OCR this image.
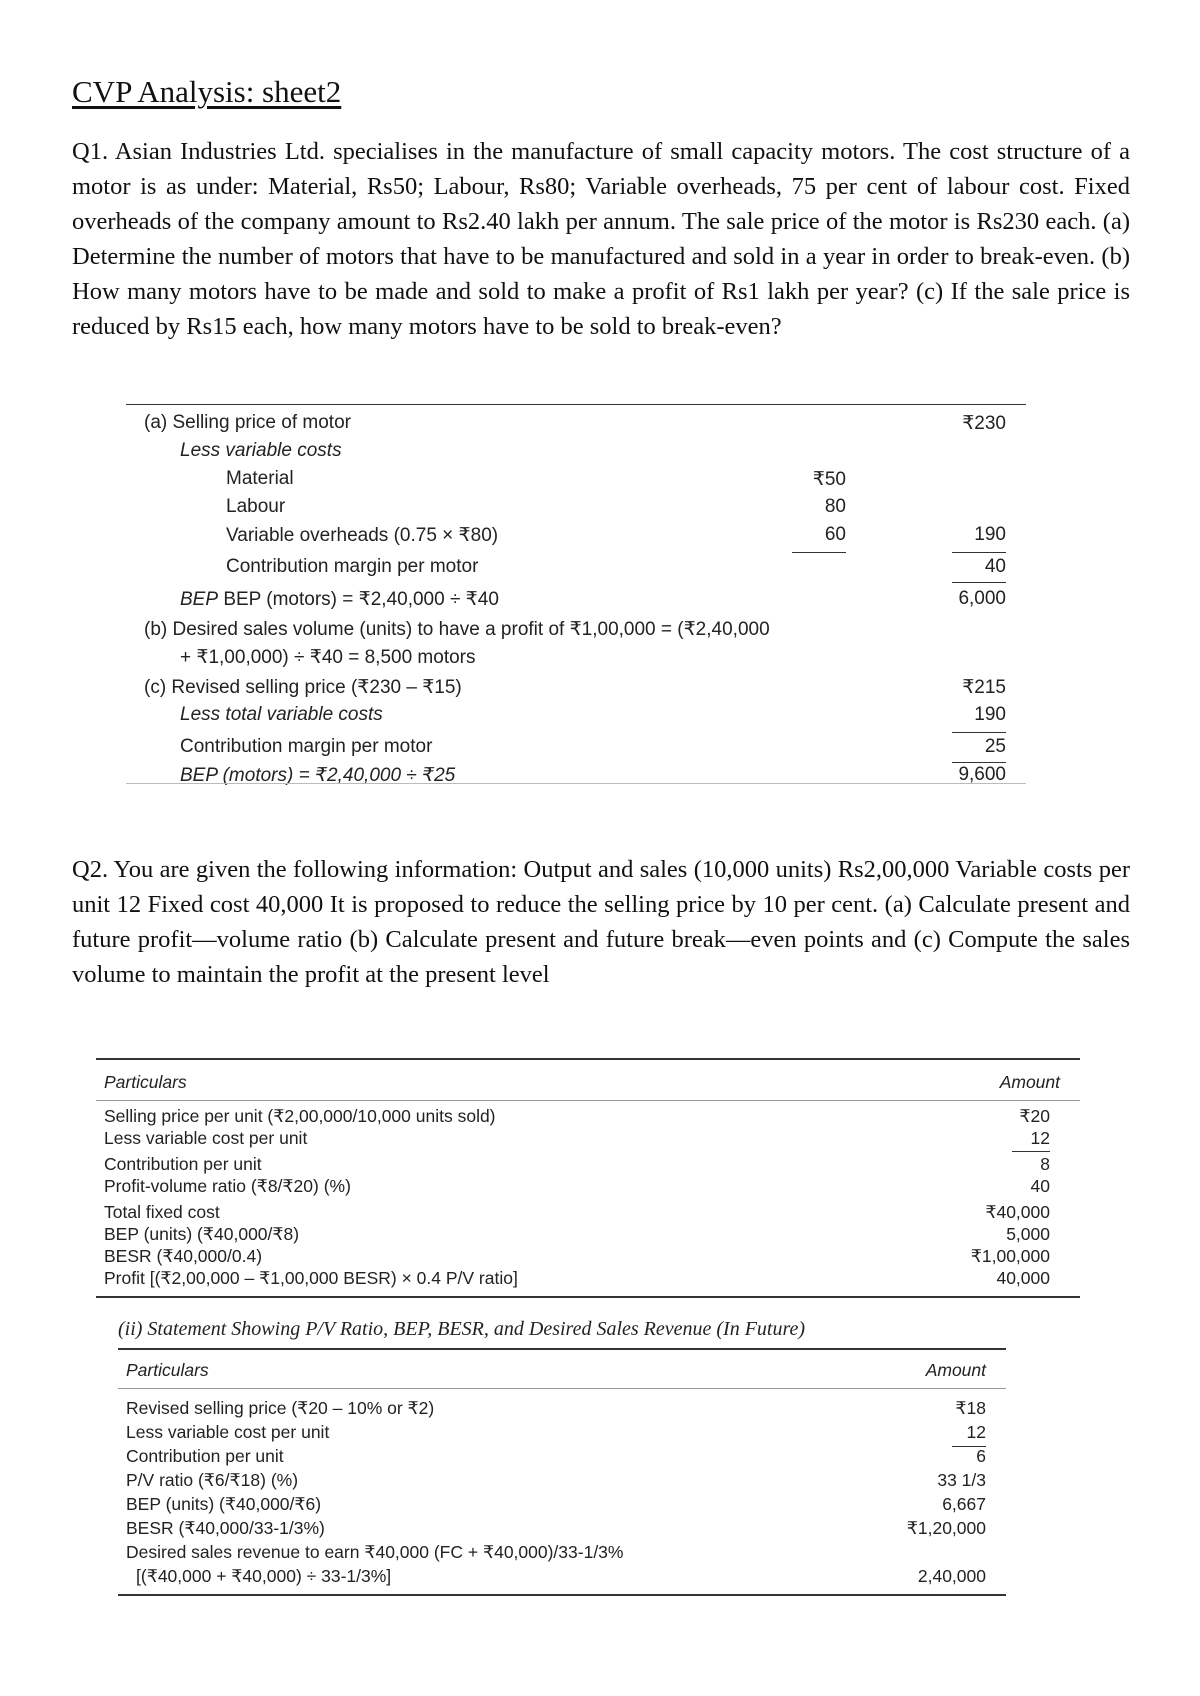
CVP Analysis: sheet2
Q1. Asian Industries Ltd. specialises in the manufacture of small capacity motors. The cost structure of a motor is as under: Material, Rs50; Labour, Rs80; Variable overheads, 75 per cent of labour cost. Fixed overheads of the company amount to Rs2.40 lakh per annum. The sale price of the motor is Rs230 each. (a) Determine the number of motors that have to be manufactured and sold in a year in order to break-even. (b) How many motors have to be made and sold to make a profit of Rs1 lakh per year? (c) If the sale price is reduced by Rs15 each, how many motors have to be sold to break-even?
(a) Selling price of motor	₹230
Less variable costs
Material	₹50
Labour	80
Variable overheads (0.75 × ₹80)	60	190
Contribution margin per motor	40
BEP BEP (motors) = ₹2,40,000 ÷ ₹40	6,000
(b) Desired sales volume (units) to have a profit of ₹1,00,000 = (₹2,40,000
+ ₹1,00,000) ÷ ₹40 = 8,500 motors
(c) Revised selling price (₹230 – ₹15)	₹215
Less total variable costs	190
Contribution margin per motor	25
BEP (motors) = ₹2,40,000 ÷ ₹25	9,600
Q2. You are given the following information: Output and sales (10,000 units) Rs2,00,000 Variable costs per unit 12 Fixed cost 40,000 It is proposed to reduce the selling price by 10 per cent. (a) Calculate present and future profit—volume ratio (b) Calculate present and future break—even points and (c) Compute the sales volume to maintain the profit at the present level
Particulars	Amount
Selling price per unit (₹2,00,000/10,000 units sold)	₹20
Less variable cost per unit	12
Contribution per unit	8
Profit-volume ratio (₹8/₹20) (%)	40
Total fixed cost	₹40,000
BEP (units) (₹40,000/₹8)	5,000
BESR (₹40,000/0.4)	₹1,00,000
Profit [(₹2,00,000 – ₹1,00,000 BESR) × 0.4 P/V ratio]	40,000
(ii) Statement Showing P/V Ratio, BEP, BESR, and Desired Sales Revenue (In Future)
Particulars	Amount
Revised selling price (₹20 – 10% or ₹2)	₹18
Less variable cost per unit	12
Contribution per unit	6
P/V ratio (₹6/₹18) (%)	33 1/3
BEP (units) (₹40,000/₹6)	6,667
BESR (₹40,000/33-1/3%)	₹1,20,000
Desired sales revenue to earn ₹40,000 (FC + ₹40,000)/33-1/3%
[(₹40,000 + ₹40,000) ÷ 33-1/3%]	2,40,000
